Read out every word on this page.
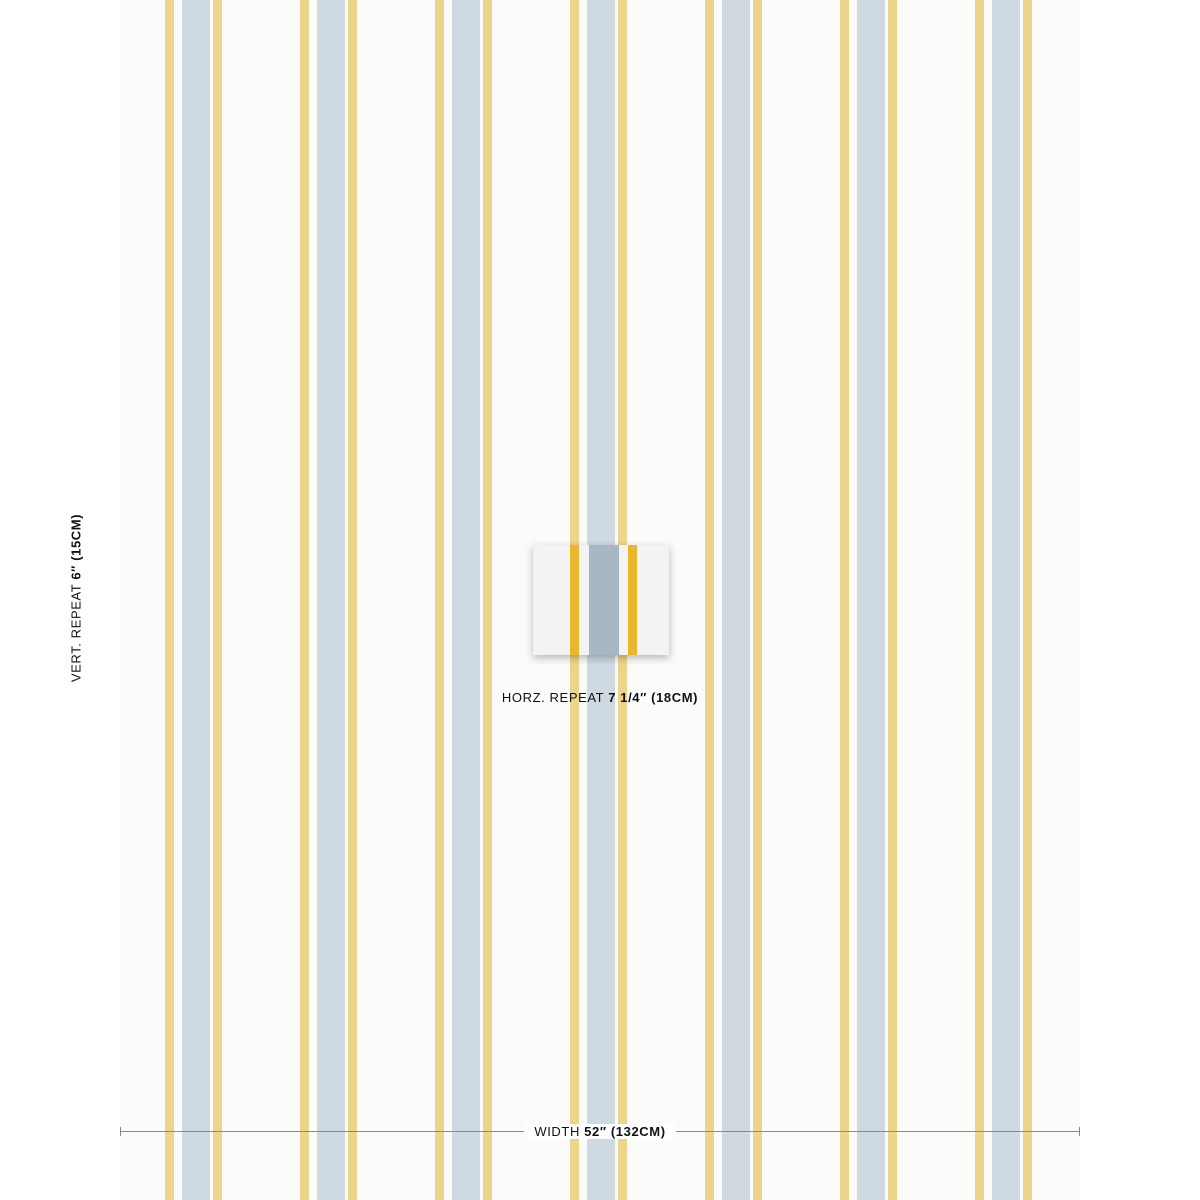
HORZ. REPEAT 7 1/4″ (18CM)
VERT. REPEAT 6″ (15CM)
WIDTH 52″ (132CM)
